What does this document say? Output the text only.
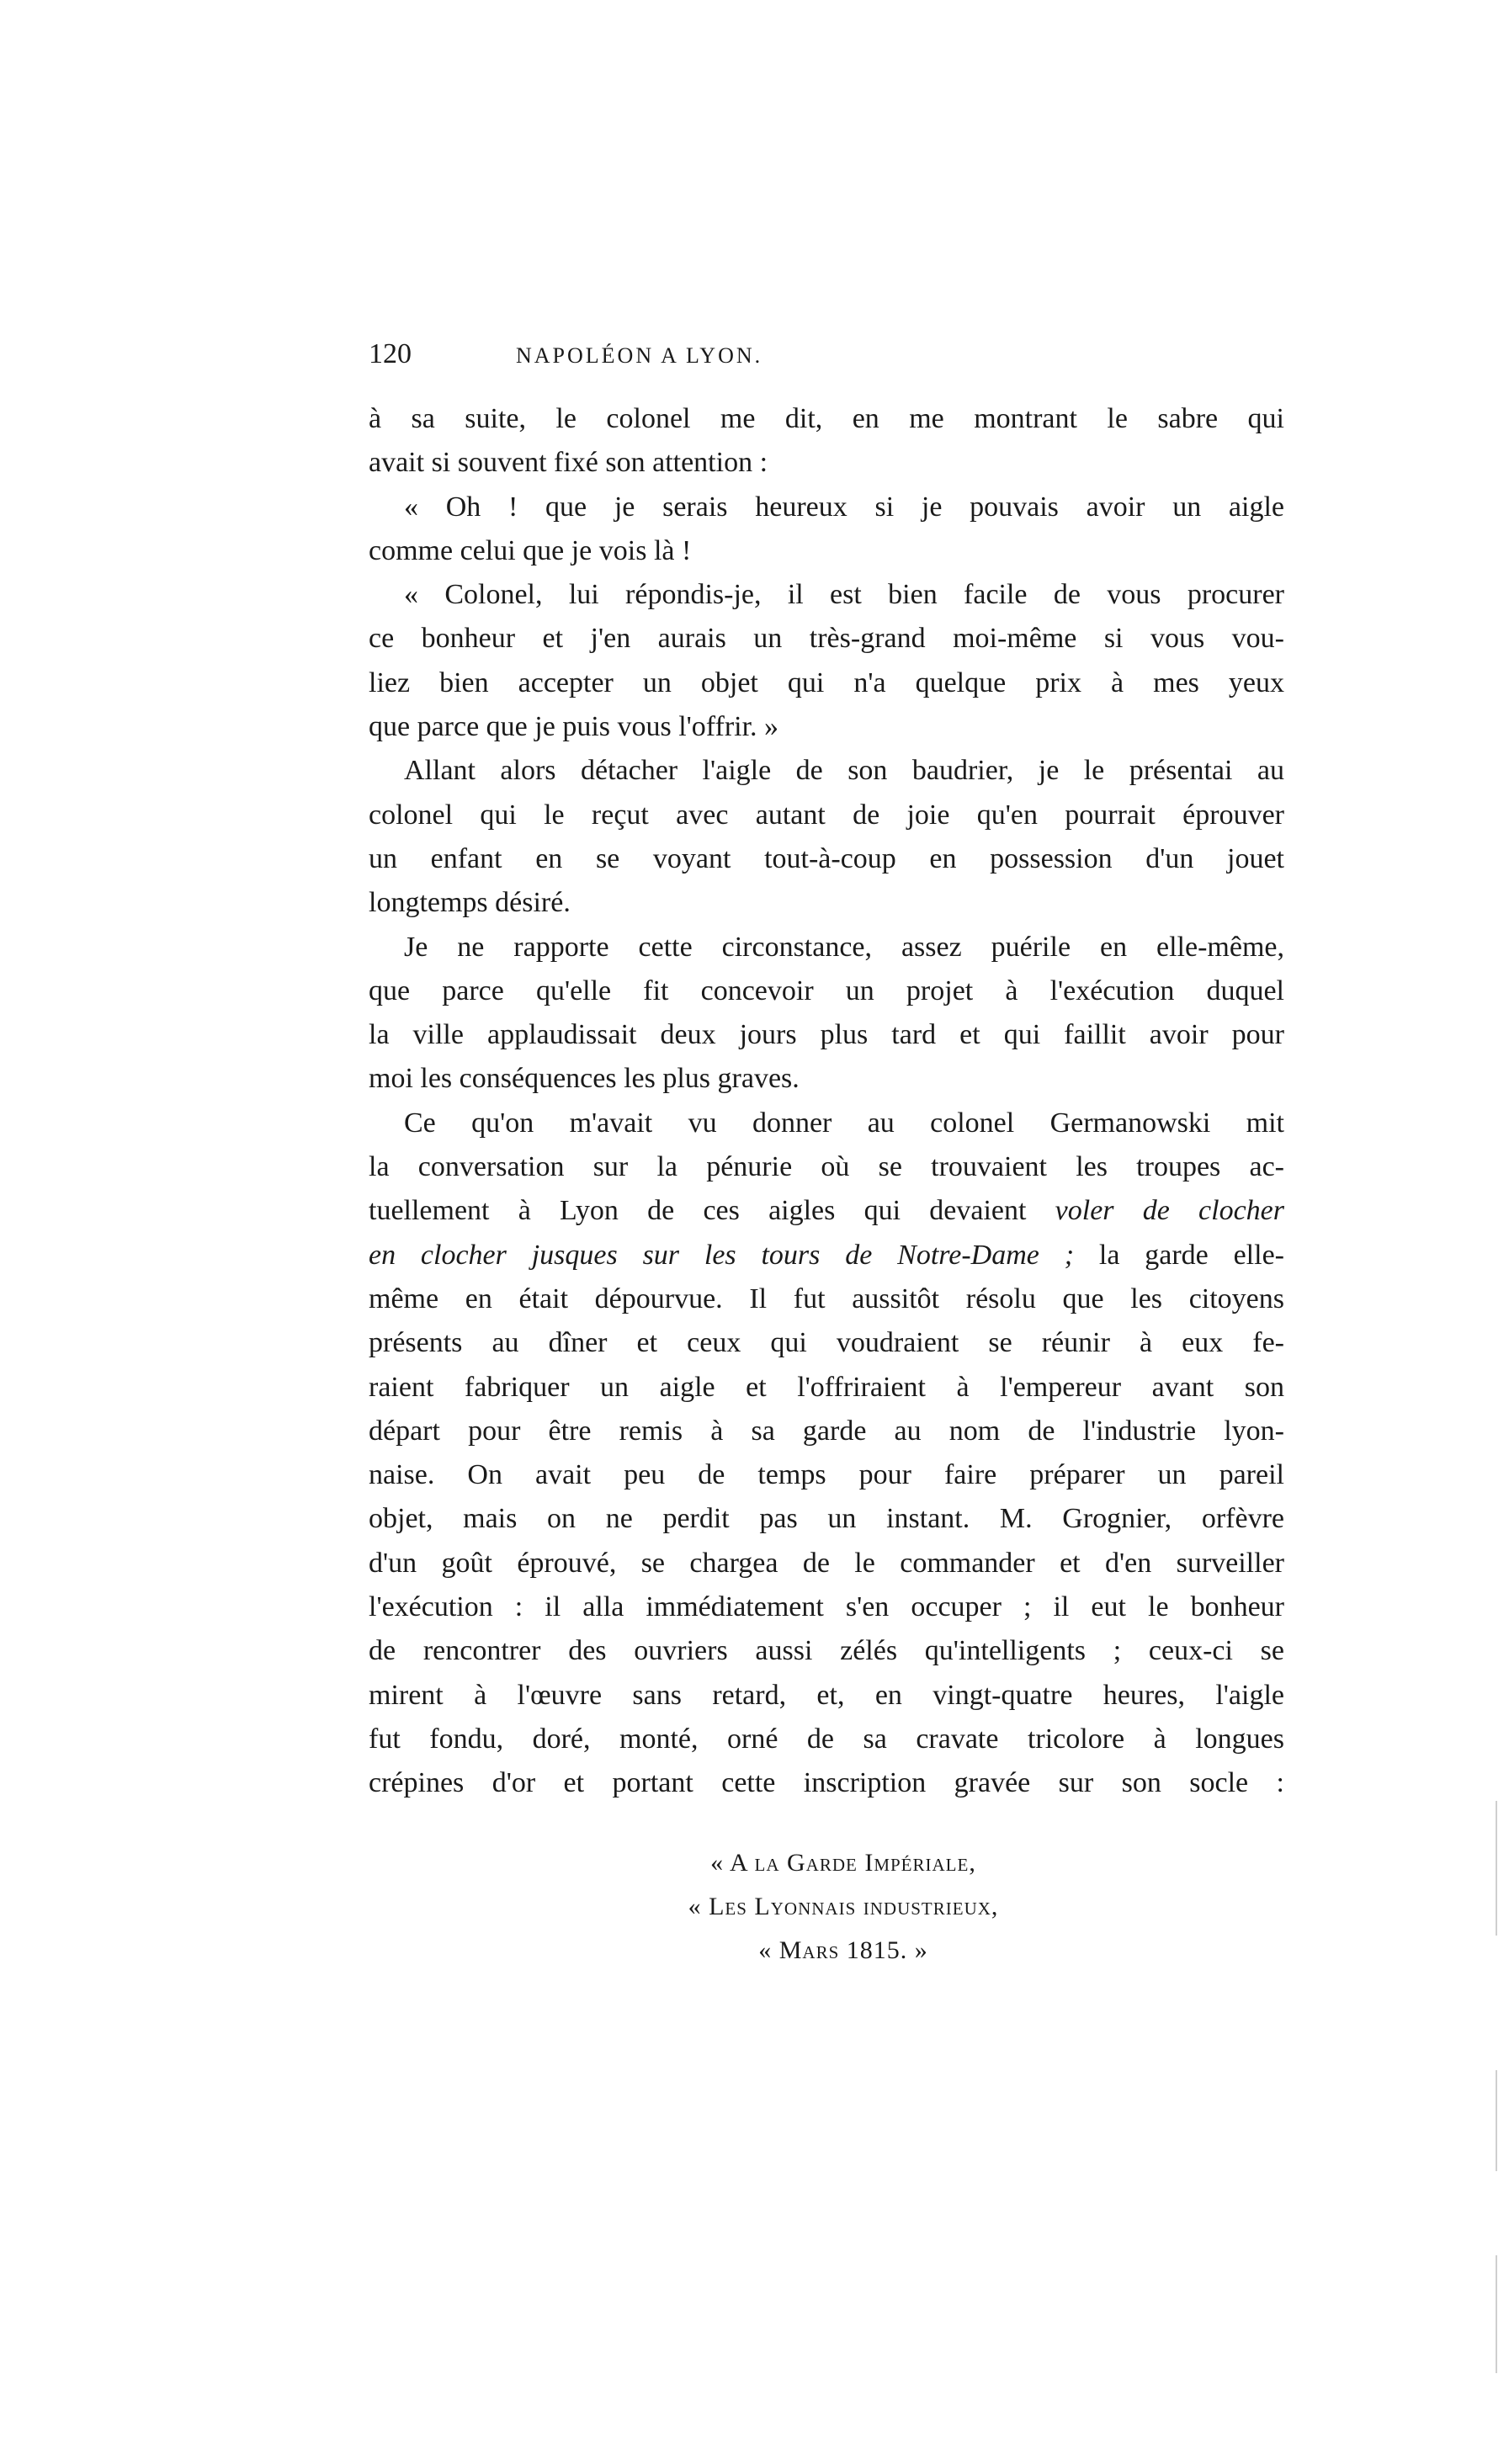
120	NAPOLÉON A LYON.
à sa suite, le colonel me dit, en me montrant le sabre qui
avait si souvent fixé son attention :
« Oh ! que je serais heureux si je pouvais avoir un aigle
comme celui que je vois là !
« Colonel, lui répondis-je, il est bien facile de vous procurer
ce bonheur et j'en aurais un très-grand moi-même si vous vou-
liez bien accepter un objet qui n'a quelque prix à mes yeux
que parce que je puis vous l'offrir. »
Allant alors détacher l'aigle de son baudrier, je le présentai au
colonel qui le reçut avec autant de joie qu'en pourrait éprouver
un enfant en se voyant tout-à-coup en possession d'un jouet
longtemps désiré.
Je ne rapporte cette circonstance, assez puérile en elle-même,
que parce qu'elle fit concevoir un projet à l'exécution duquel
la ville applaudissait deux jours plus tard et qui faillit avoir pour
moi les conséquences les plus graves.
Ce qu'on m'avait vu donner au colonel Germanowski mit
la conversation sur la pénurie où se trouvaient les troupes ac-
tuellement à Lyon de ces aigles qui devaient voler de clocher
en clocher jusques sur les tours de Notre-Dame ; la garde elle-
même en était dépourvue. Il fut aussitôt résolu que les citoyens
présents au dîner et ceux qui voudraient se réunir à eux fe-
raient fabriquer un aigle et l'offriraient à l'empereur avant son
départ pour être remis à sa garde au nom de l'industrie lyon-
naise. On avait peu de temps pour faire préparer un pareil
objet, mais on ne perdit pas un instant. M. Grognier, orfèvre
d'un goût éprouvé, se chargea de le commander et d'en surveiller
l'exécution : il alla immédiatement s'en occuper ; il eut le bonheur
de rencontrer des ouvriers aussi zélés qu'intelligents ; ceux-ci se
mirent à l'œuvre sans retard, et, en vingt-quatre heures, l'aigle
fut fondu, doré, monté, orné de sa cravate tricolore à longues
crépines d'or et portant cette inscription gravée sur son socle :
« A la Garde Impériale,
« Les Lyonnais industrieux,
« Mars 1815. »
